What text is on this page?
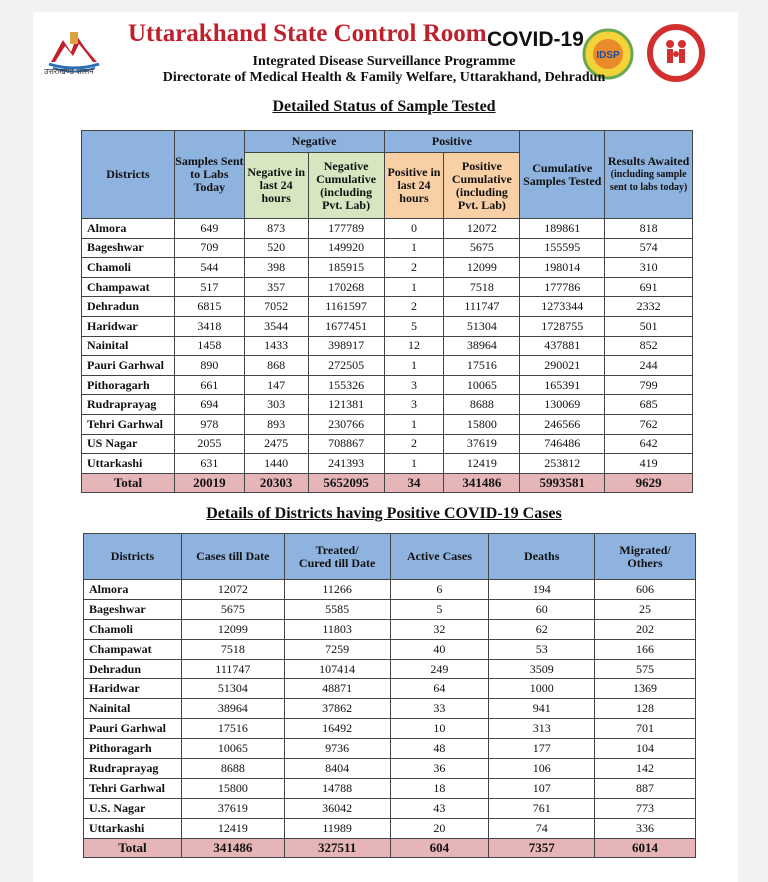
उत्तराखण्ड शासन
Uttarakhand State Control Room COVID-19
IDSP
Integrated Disease Surveillance Programme
Directorate of Medical Health & Family Welfare, Uttarakhand, Dehradun
Detailed Status of Sample Tested
Districts	Samples Sent to Labs Today	Negative		Positive		Cumulative Samples Tested	Results Awaited
(including sample sent to labs today)

		Negative in last 24 hours	Negative Cumulative (including Pvt. Lab)	Positive in last 24 hours	Positive Cumulative (including Pvt. Lab)		

Almora	649	873	177789	0	12072	189861	818
Bageshwar	709	520	149920	1	5675	155595	574
Chamoli	544	398	185915	2	12099	198014	310
Champawat	517	357	170268	1	7518	177786	691
Dehradun	6815	7052	1161597	2	111747	1273344	2332
Haridwar	3418	3544	1677451	5	51304	1728755	501
Nainital	1458	1433	398917	12	38964	437881	852
Pauri Garhwal	890	868	272505	1	17516	290021	244
Pithoragarh	661	147	155326	3	10065	165391	799
Rudraprayag	694	303	121381	3	8688	130069	685
Tehri Garhwal	978	893	230766	1	15800	246566	762
US Nagar	2055	2475	708867	2	37619	746486	642
Uttarkashi	631	1440	241393	1	12419	253812	419
Total	20019	20303	5652095	34	341486	5993581	9629
Details of Districts having Positive COVID-19 Cases
Districts	Cases till Date	Treated/
Cured till Date	Active Cases	Deaths	Migrated/
Others

Almora	12072	11266	6	194	606
Bageshwar	5675	5585	5	60	25
Chamoli	12099	11803	32	62	202
Champawat	7518	7259	40	53	166
Dehradun	111747	107414	249	3509	575
Haridwar	51304	48871	64	1000	1369
Nainital	38964	37862	33	941	128
Pauri Garhwal	17516	16492	10	313	701
Pithoragarh	10065	9736	48	177	104
Rudraprayag	8688	8404	36	106	142
Tehri Garhwal	15800	14788	18	107	887
U.S. Nagar	37619	36042	43	761	773
Uttarkashi	12419	11989	20	74	336
Total	341486	327511	604	7357	6014
